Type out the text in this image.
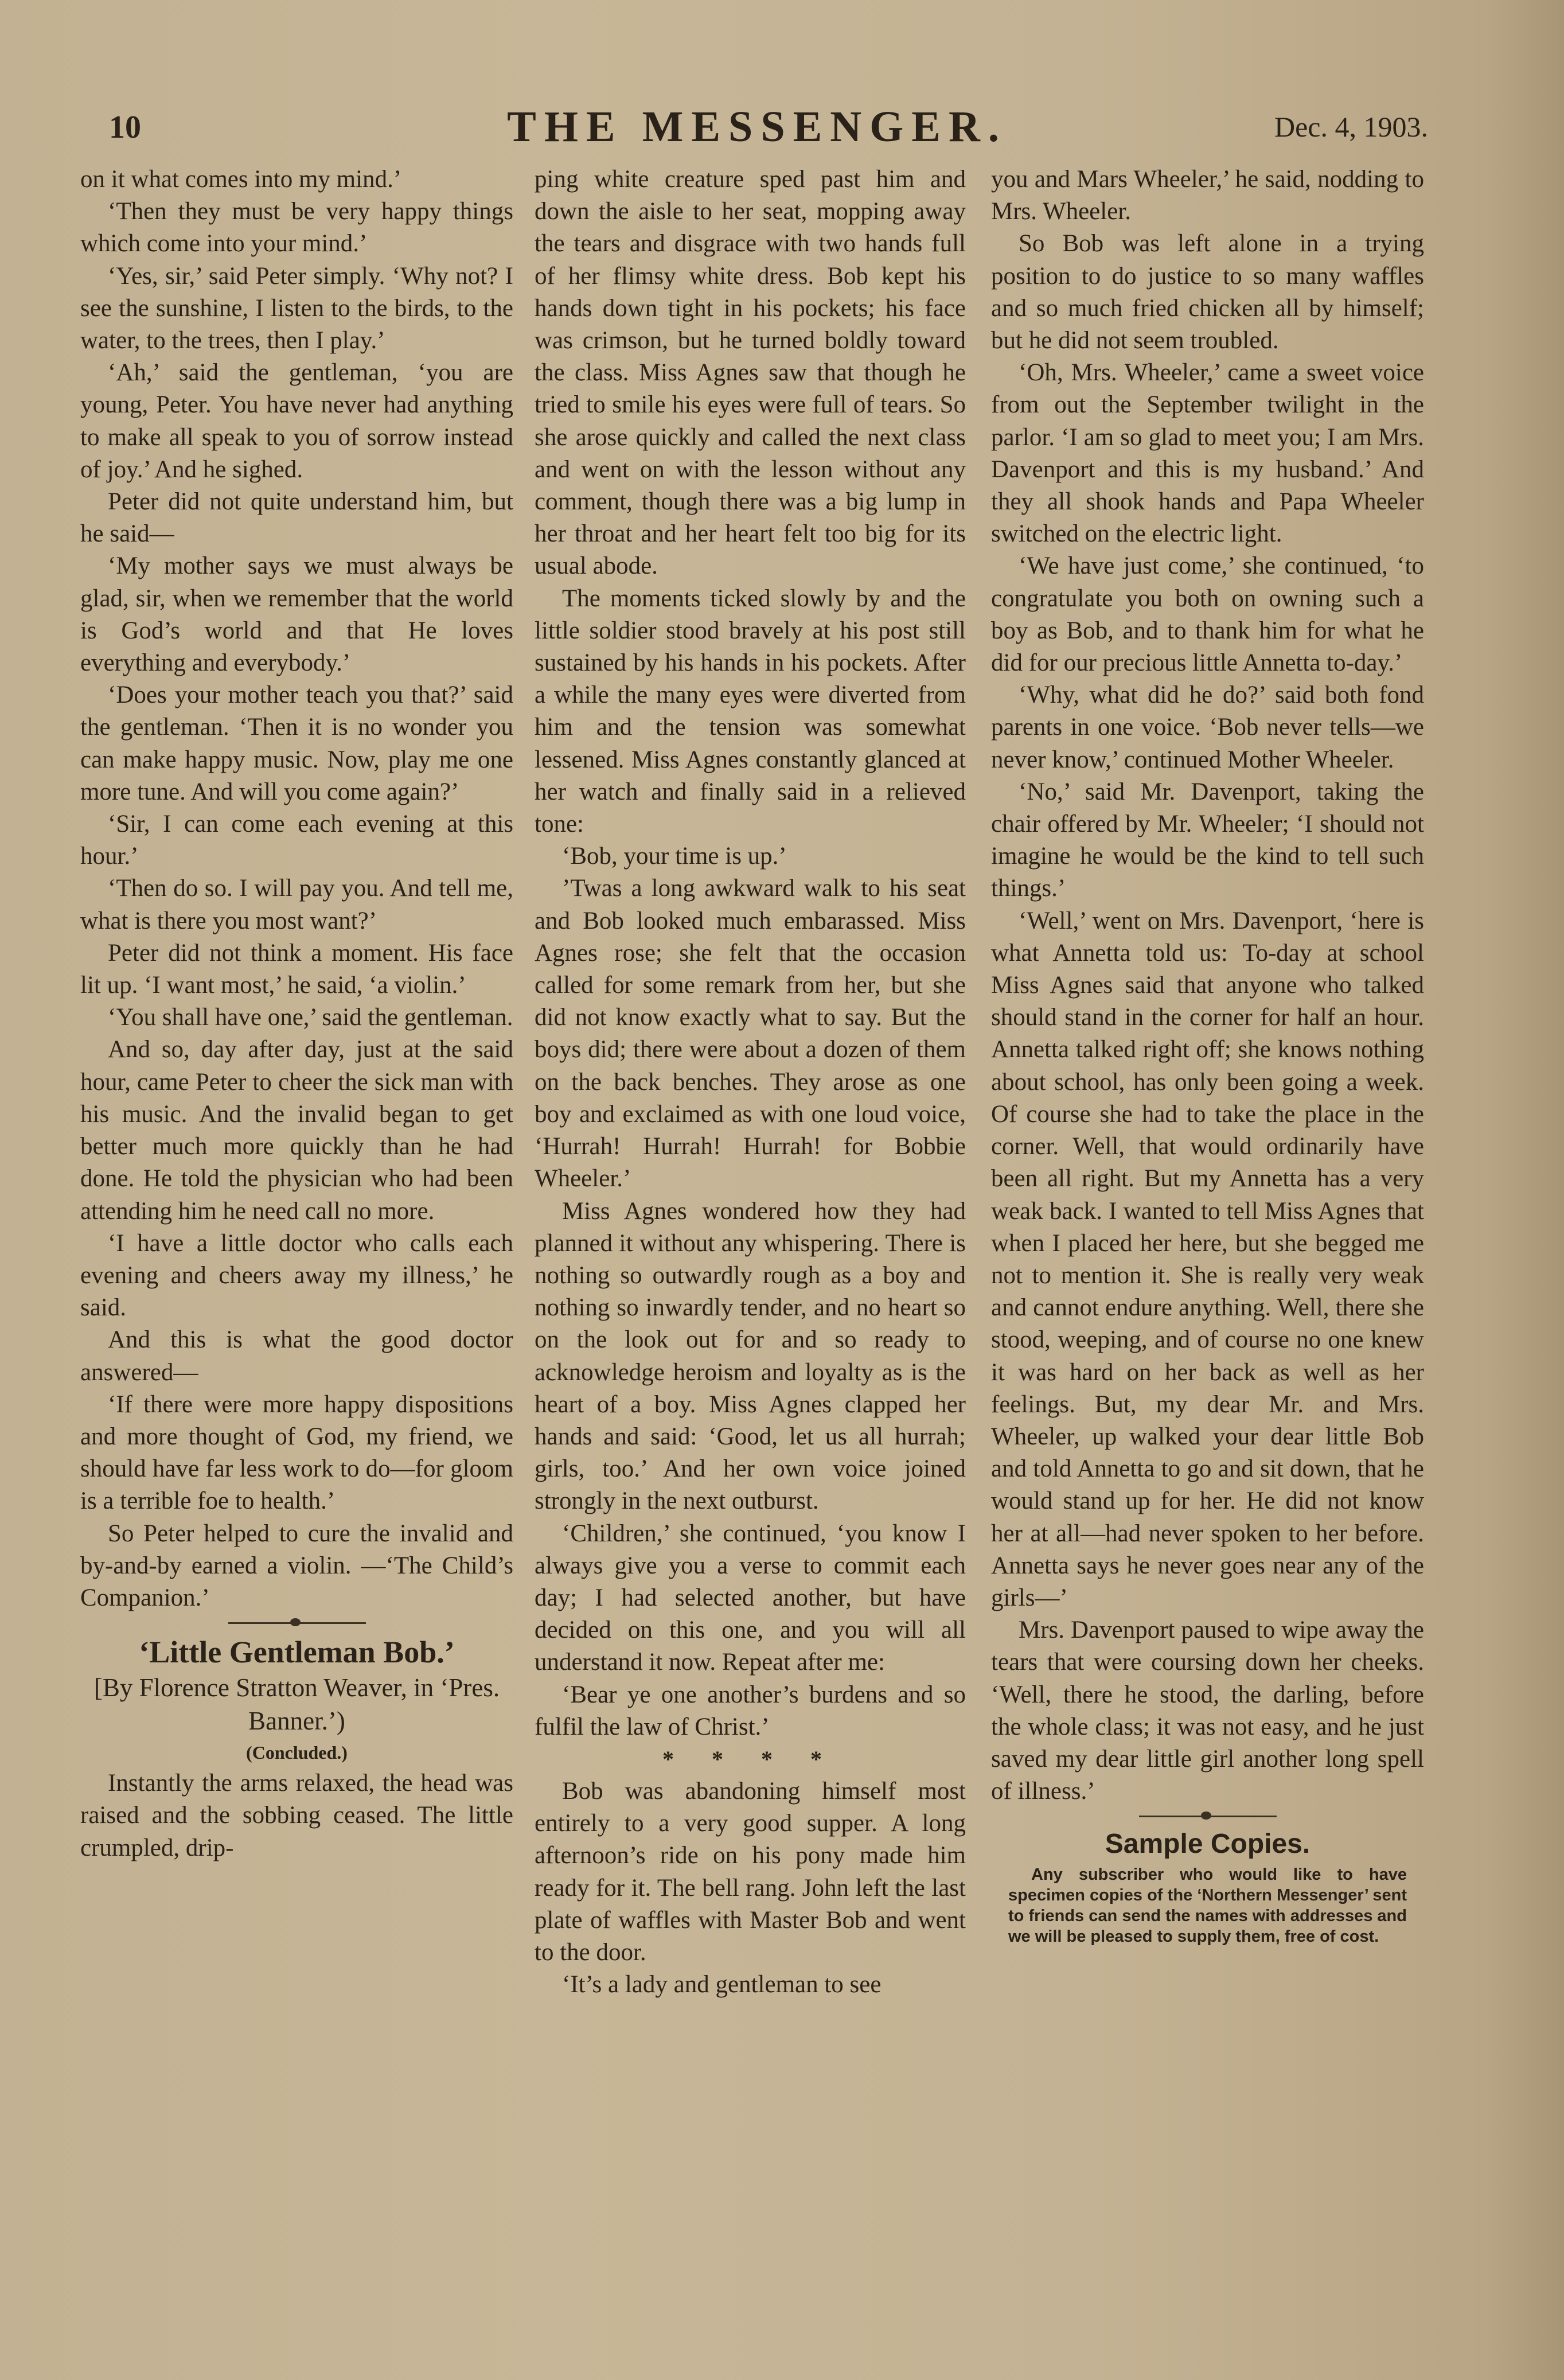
10	THE MESSENGER.	Dec. 4, 1903.

on it what comes into my mind.’

‘Then they must be very happy things which come into your mind.’

‘Yes, sir,’ said Peter simply. ‘Why not? I see the sunshine, I listen to the birds, to the water, to the trees, then I play.’

‘Ah,’ said the gentleman, ‘you are young, Peter. You have never had anything to make all speak to you of sorrow instead of joy.’ And he sighed.

Peter did not quite understand him, but he said—

‘My mother says we must always be glad, sir, when we remember that the world is God’s world and that He loves everything and everybody.’

‘Does your mother teach you that?’ said the gentleman. ‘Then it is no wonder you can make happy music. Now, play me one more tune. And will you come again?’

‘Sir, I can come each evening at this hour.’

‘Then do so. I will pay you. And tell me, what is there you most want?’

Peter did not think a moment. His face lit up. ‘I want most,’ he said, ‘a violin.’

‘You shall have one,’ said the gentleman.

And so, day after day, just at the said hour, came Peter to cheer the sick man with his music. And the invalid began to get better much more quickly than he had done. He told the physician who had been attending him he need call no more.

‘I have a little doctor who calls each evening and cheers away my illness,’ he said.

And this is what the good doctor answered—

‘If there were more happy dispositions and more thought of God, my friend, we should have far less work to do—for gloom is a terrible foe to health.’

So Peter helped to cure the invalid and by-and-by earned a violin. —‘The Child’s Companion.’

‘Little Gentleman Bob.’
[By Florence Stratton Weaver, in ‘Pres. Banner.’)
(Concluded.)

Instantly the arms relaxed, the head was raised and the sobbing ceased. The little crumpled, drip-

ping white creature sped past him and down the aisle to her seat, mopping away the tears and disgrace with two hands full of her flimsy white dress. Bob kept his hands down tight in his pockets; his face was crimson, but he turned boldly toward the class. Miss Agnes saw that though he tried to smile his eyes were full of tears. So she arose quickly and called the next class and went on with the lesson without any comment, though there was a big lump in her throat and her heart felt too big for its usual abode.

The moments ticked slowly by and the little soldier stood bravely at his post still sustained by his hands in his pockets. After a while the many eyes were diverted from him and the tension was somewhat lessened. Miss Agnes constantly glanced at her watch and finally said in a relieved tone:

‘Bob, your time is up.’

’Twas a long awkward walk to his seat and Bob looked much embarassed. Miss Agnes rose; she felt that the occasion called for some remark from her, but she did not know exactly what to say. But the boys did; there were about a dozen of them on the back benches. They arose as one boy and exclaimed as with one loud voice, ‘Hurrah! Hurrah! Hurrah! for Bobbie Wheeler.’

Miss Agnes wondered how they had planned it without any whispering. There is nothing so outwardly rough as a boy and nothing so inwardly tender, and no heart so on the look out for and so ready to acknowledge heroism and loyalty as is the heart of a boy. Miss Agnes clapped her hands and said: ‘Good, let us all hurrah; girls, too.’ And her own voice joined strongly in the next outburst.

‘Children,’ she continued, ‘you know I always give you a verse to commit each day; I had selected another, but have decided on this one, and you will all understand it now. Repeat after me:

‘Bear ye one another’s burdens and so fulfil the law of Christ.’

* * * *

Bob was abandoning himself most entirely to a very good supper. A long afternoon’s ride on his pony made him ready for it. The bell rang. John left the last plate of waffles with Master Bob and went to the door.

‘It’s a lady and gentleman to see

you and Mars Wheeler,’ he said, nodding to Mrs. Wheeler.

So Bob was left alone in a trying position to do justice to so many waffles and so much fried chicken all by himself; but he did not seem troubled.

‘Oh, Mrs. Wheeler,’ came a sweet voice from out the September twilight in the parlor. ‘I am so glad to meet you; I am Mrs. Davenport and this is my husband.’ And they all shook hands and Papa Wheeler switched on the electric light.

‘We have just come,’ she continued, ‘to congratulate you both on owning such a boy as Bob, and to thank him for what he did for our precious little Annetta to-day.’

‘Why, what did he do?’ said both fond parents in one voice. ‘Bob never tells—we never know,’ continued Mother Wheeler.

‘No,’ said Mr. Davenport, taking the chair offered by Mr. Wheeler; ‘I should not imagine he would be the kind to tell such things.’

‘Well,’ went on Mrs. Davenport, ‘here is what Annetta told us: To-day at school Miss Agnes said that anyone who talked should stand in the corner for half an hour. Annetta talked right off; she knows nothing about school, has only been going a week. Of course she had to take the place in the corner. Well, that would ordinarily have been all right. But my Annetta has a very weak back. I wanted to tell Miss Agnes that when I placed her here, but she begged me not to mention it. She is really very weak and cannot endure anything. Well, there she stood, weeping, and of course no one knew it was hard on her back as well as her feelings. But, my dear Mr. and Mrs. Wheeler, up walked your dear little Bob and told Annetta to go and sit down, that he would stand up for her. He did not know her at all—had never spoken to her before. Annetta says he never goes near any of the girls—’

Mrs. Davenport paused to wipe away the tears that were coursing down her cheeks. ‘Well, there he stood, the darling, before the whole class; it was not easy, and he just saved my dear little girl another long spell of illness.’

Sample Copies.
Any subscriber who would like to have specimen copies of the ‘Northern Messenger’ sent to friends can send the names with addresses and we will be pleased to supply them, free of cost.
